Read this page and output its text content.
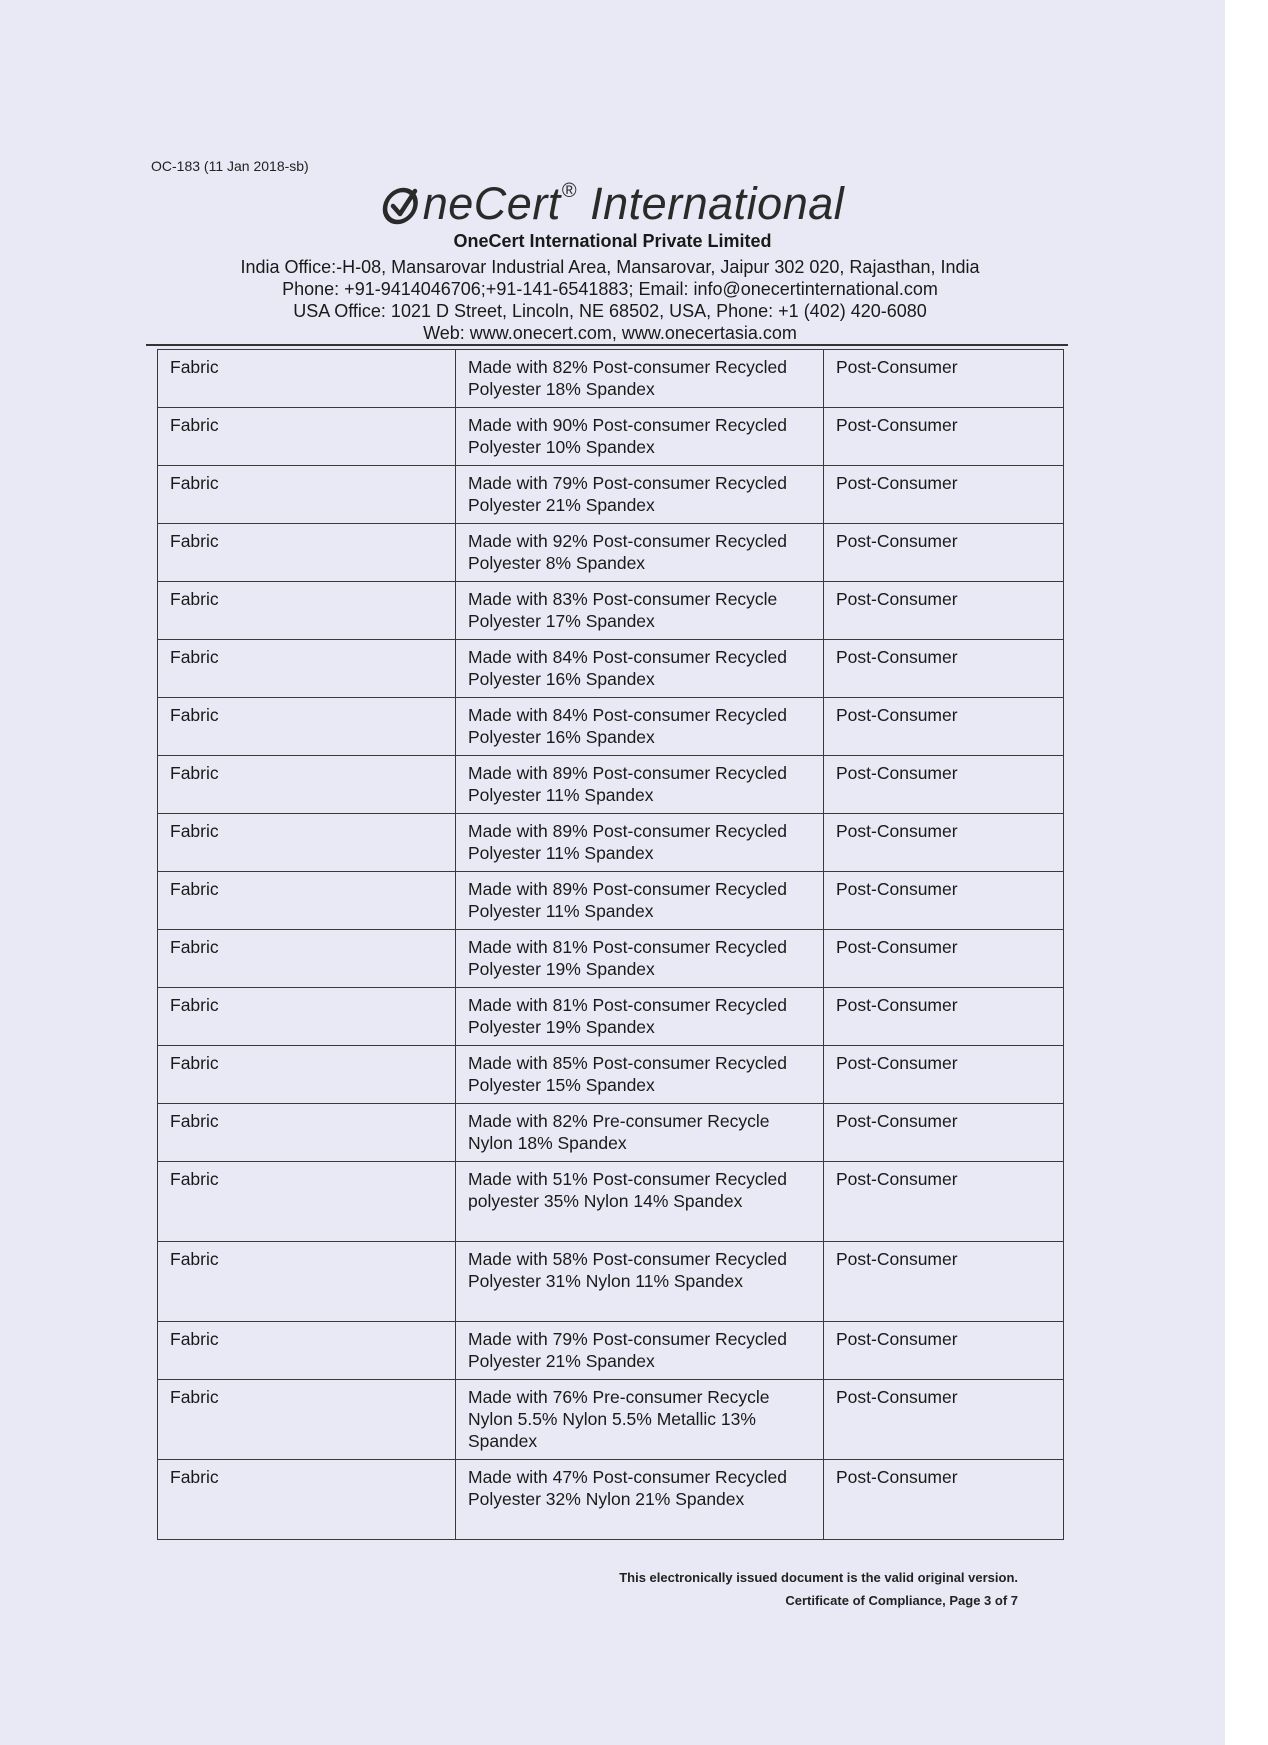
OC-183 (11 Jan 2018-sb)
neCert® International
OneCert International Private Limited
India Office:-H-08, Mansarovar Industrial Area, Mansarovar, Jaipur 302 020, Rajasthan, India
Phone: +91-9414046706;+91-141-6541883; Email: info@onecertinternational.com
USA Office: 1021 D Street, Lincoln, NE 68502, USA, Phone: +1 (402) 420-6080
Web: www.onecert.com, www.onecertasia.com
Fabric	Made with 82% Post-consumer Recycled Polyester 18% Spandex	Post-Consumer
Fabric	Made with 90% Post-consumer Recycled Polyester 10% Spandex	Post-Consumer
Fabric	Made with 79% Post-consumer Recycled Polyester 21% Spandex	Post-Consumer
Fabric	Made with 92% Post-consumer Recycled Polyester 8% Spandex	Post-Consumer
Fabric	Made with 83% Post-consumer Recycle Polyester 17% Spandex	Post-Consumer
Fabric	Made with 84% Post-consumer Recycled Polyester 16% Spandex	Post-Consumer
Fabric	Made with 84% Post-consumer Recycled Polyester 16% Spandex	Post-Consumer
Fabric	Made with 89% Post-consumer Recycled Polyester 11% Spandex	Post-Consumer
Fabric	Made with 89% Post-consumer Recycled Polyester 11% Spandex	Post-Consumer
Fabric	Made with 89% Post-consumer Recycled Polyester 11% Spandex	Post-Consumer
Fabric	Made with 81% Post-consumer Recycled Polyester 19% Spandex	Post-Consumer
Fabric	Made with 81% Post-consumer Recycled Polyester 19% Spandex	Post-Consumer
Fabric	Made with 85% Post-consumer Recycled Polyester 15% Spandex	Post-Consumer
Fabric	Made with 82% Pre-consumer Recycle Nylon 18% Spandex	Post-Consumer
Fabric	Made with 51% Post-consumer Recycled polyester 35% Nylon 14% Spandex	Post-Consumer
Fabric	Made with 58% Post-consumer Recycled Polyester 31% Nylon 11% Spandex	Post-Consumer
Fabric	Made with 79% Post-consumer Recycled Polyester 21% Spandex	Post-Consumer
Fabric	Made with 76% Pre-consumer Recycle Nylon 5.5% Nylon 5.5% Metallic 13% Spandex	Post-Consumer
Fabric	Made with 47% Post-consumer Recycled Polyester 32% Nylon 21% Spandex	Post-Consumer
This electronically issued document is the valid original version.
Certificate of Compliance, Page 3 of 7
